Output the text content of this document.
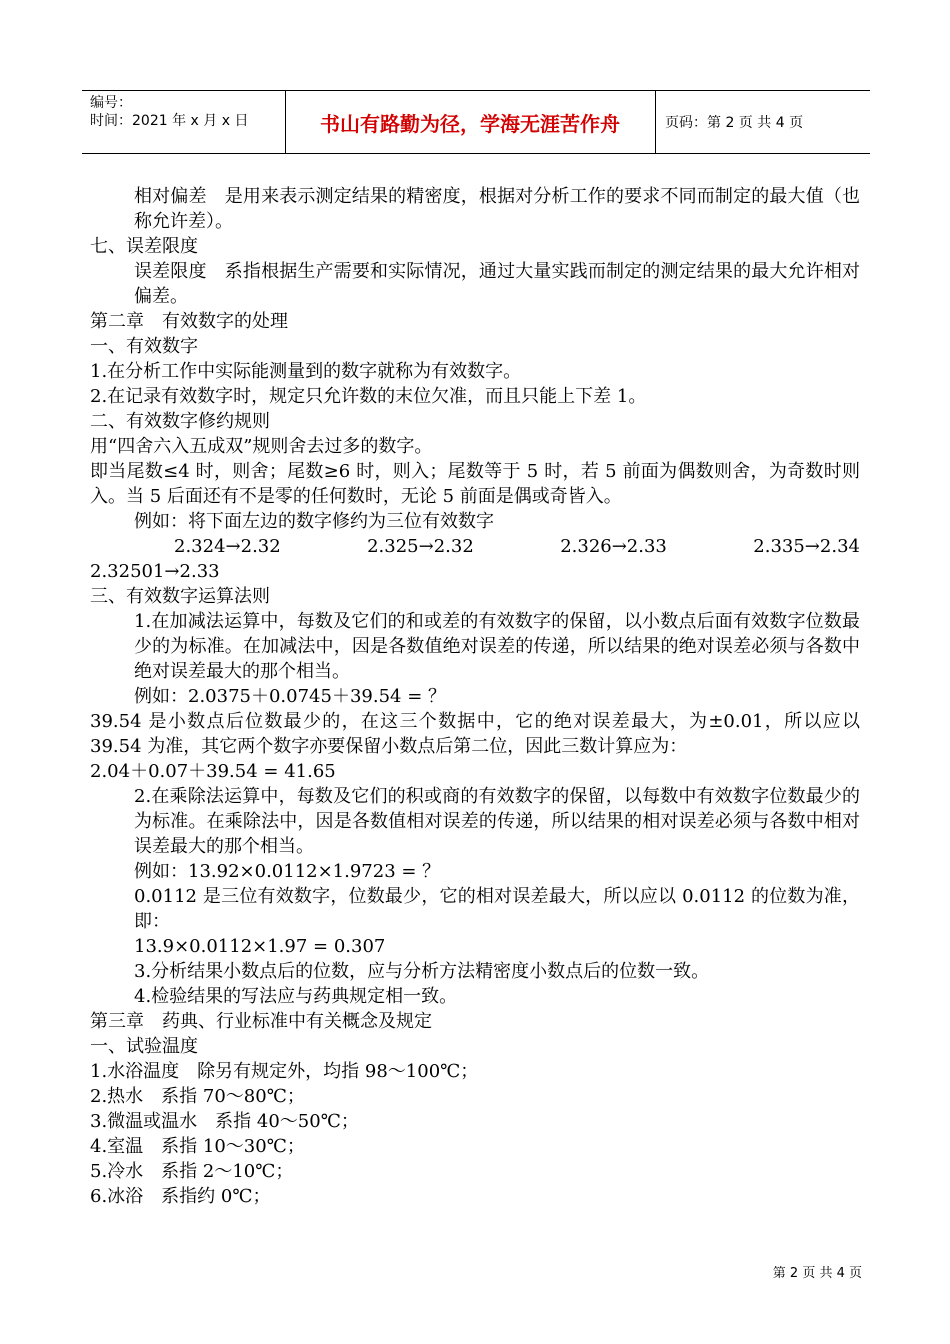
编号：
时间：2021 年 x 月 x 日	书山有路勤为径，学海无涯苦作舟	页码：第 2 页 共 4 页

相对偏差　是用来表示测定结果的精密度，根据对分析工作的要求不同而制定的最大值（也称允许差）。

七、误差限度

误差限度　系指根据生产需要和实际情况，通过大量实践而制定的测定结果的最大允许相对偏差。

第二章　有效数字的处理

一、有效数字

1.在分析工作中实际能测量到的数字就称为有效数字。

2.在记录有效数字时，规定只允许数的末位欠准，而且只能上下差 1。

二、有效数字修约规则

用“四舍六入五成双”规则舍去过多的数字。

即当尾数≤4 时，则舍；尾数≥6 时，则入；尾数等于 5 时，若 5 前面为偶数则舍，为奇数时则入。当 5 后面还有不是零的任何数时，无论 5 前面是偶或奇皆入。

例如：将下面左边的数字修约为三位有效数字

2.324→2.32	2.325→2.32	2.326→2.33	2.335→2.34

2.32501→2.33

三、有效数字运算法则

1.在加减法运算中，每数及它们的和或差的有效数字的保留，以小数点后面有效数字位数最少的为标准。在加减法中，因是各数值绝对误差的传递，所以结果的绝对误差必须与各数中绝对误差最大的那个相当。

例如：2.0375＋0.0745＋39.54 = ？

39.54 是小数点后位数最少的，在这三个数据中，它的绝对误差最大，为±0.01，所以应以 39.54 为准，其它两个数字亦要保留小数点后第二位，因此三数计算应为：

2.04＋0.07＋39.54 = 41.65

2.在乘除法运算中，每数及它们的积或商的有效数字的保留，以每数中有效数字位数最少的为标准。在乘除法中，因是各数值相对误差的传递，所以结果的相对误差必须与各数中相对误差最大的那个相当。

例如：13.92×0.0112×1.9723 = ？

0.0112 是三位有效数字，位数最少，它的相对误差最大，所以应以 0.0112 的位数为准，即：

13.9×0.0112×1.97 = 0.307

3.分析结果小数点后的位数，应与分析方法精密度小数点后的位数一致。

4.检验结果的写法应与药典规定相一致。

第三章　药典、行业标准中有关概念及规定

一、试验温度

1.水浴温度　除另有规定外，均指 98～100℃；

2.热水　系指 70～80℃；

3.微温或温水　系指 40～50℃；

4.室温　系指 10～30℃；

5.冷水　系指 2～10℃；

6.冰浴　系指约 0℃；

第 2 页 共 4 页
